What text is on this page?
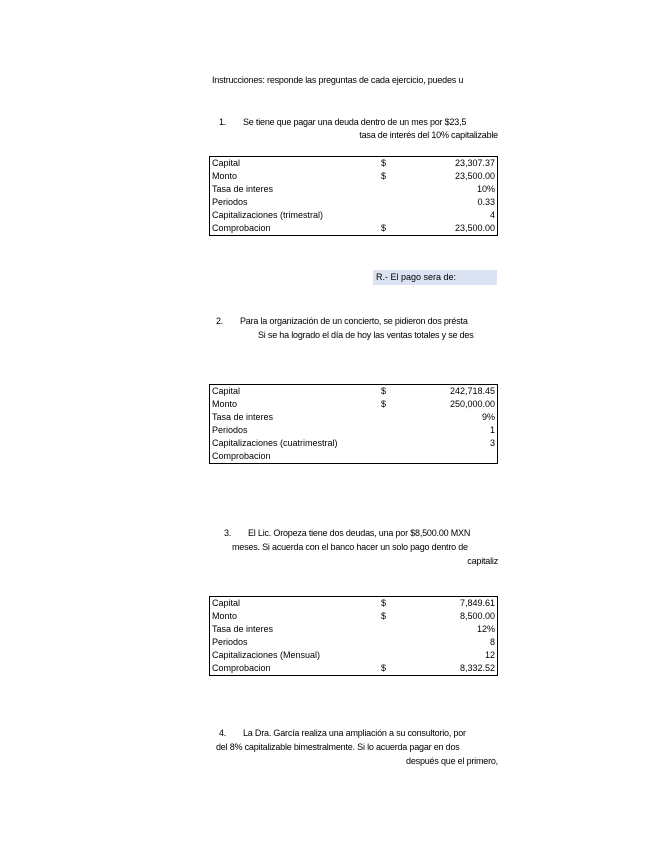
Instrucciones: responde las preguntas de cada ejercicio, puedes u
1. Se tiene que pagar una deuda dentro de un mes por $23,5
tasa de interés del 10% capitalizable
Capital	$	23,307.37
Monto	$	23,500.00
Tasa de interes		10%
Periodos		0.33
Capitalizaciones (trimestral)		4
Comprobacion	$	23,500.00
R.- El pago sera de:
2. Para la organización de un concierto, se pidieron dos présta
Si se ha logrado el día de hoy las ventas totales y se des
Capital	$	242,718.45
Monto	$	250,000.00
Tasa de interes		9%
Periodos		1
Capitalizaciones (cuatrimestral)		3
Comprobacion		
3. El Lic. Oropeza tiene dos deudas, una por $8,500.00 MXN
meses. Si acuerda con el banco hacer un solo pago dentro de
capitaliz
Capital	$	7,849.61
Monto	$	8,500.00
Tasa de interes		12%
Periodos		8
Capitalizaciones (Mensual)		12
Comprobacion	$	8,332.52
4. La Dra. García realiza una ampliación a su consultorio, por
del 8% capitalizable bimestralmente. Si lo acuerda pagar en dos
después que el primero,
